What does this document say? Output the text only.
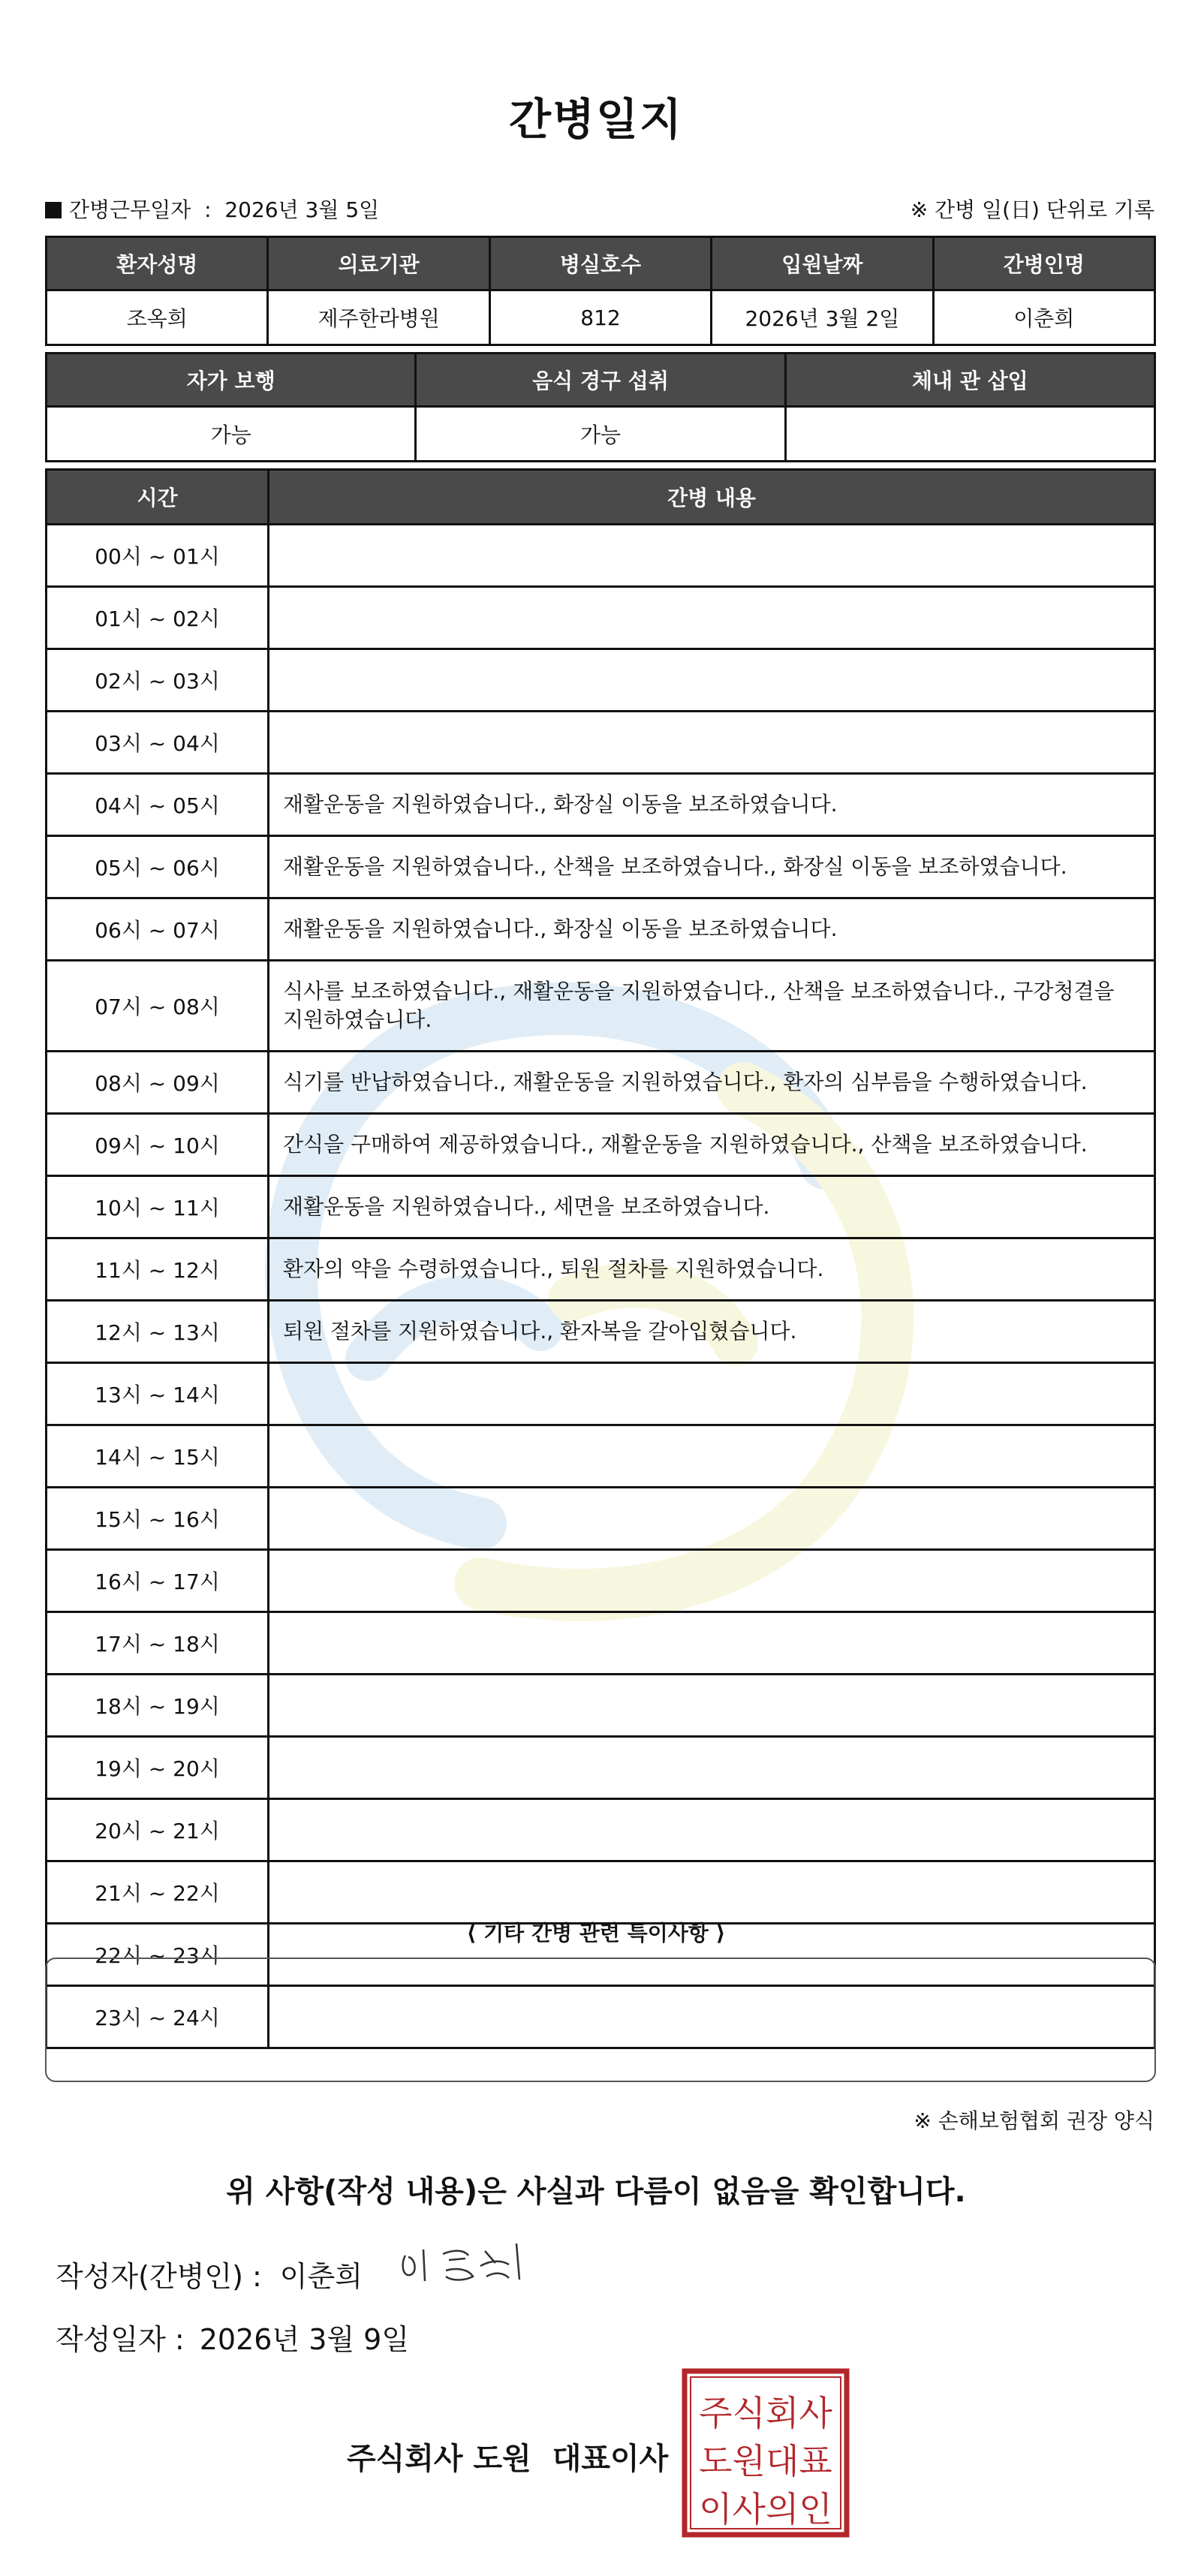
간병일지
간병근무일자  :  2026년 3월 5일	※ 간병 일(日) 단위로 기록
환자성명	의료기관	병실호수	입원날짜	간병인명
조옥희	제주한라병원	812	2026년 3월 2일	이춘희
자가 보행	음식 경구 섭취	체내 관 삽입
가능	가능	
시간	간병 내용
00시 ~ 01시	
01시 ~ 02시	
02시 ~ 03시	
03시 ~ 04시	
04시 ~ 05시	재활운동을 지원하였습니다., 화장실 이동을 보조하였습니다.
05시 ~ 06시	재활운동을 지원하였습니다., 산책을 보조하였습니다., 화장실 이동을 보조하였습니다.
06시 ~ 07시	재활운동을 지원하였습니다., 화장실 이동을 보조하였습니다.
07시 ~ 08시	식사를 보조하였습니다., 재활운동을 지원하였습니다., 산책을 보조하였습니다., 구강청결을 지원하였습니다.
08시 ~ 09시	식기를 반납하였습니다., 재활운동을 지원하였습니다., 환자의 심부름을 수행하였습니다.
09시 ~ 10시	간식을 구매하여 제공하였습니다., 재활운동을 지원하였습니다., 산책을 보조하였습니다.
10시 ~ 11시	재활운동을 지원하였습니다., 세면을 보조하였습니다.
11시 ~ 12시	환자의 약을 수령하였습니다., 퇴원 절차를 지원하였습니다.
12시 ~ 13시	퇴원 절차를 지원하였습니다., 환자복을 갈아입혔습니다.
13시 ~ 14시	
14시 ~ 15시	
15시 ~ 16시	
16시 ~ 17시	
17시 ~ 18시	
18시 ~ 19시	
19시 ~ 20시	
20시 ~ 21시	
21시 ~ 22시	
22시 ~ 23시	
23시 ~ 24시	
⟨ 기타 간병 관련 특이사항 ⟩
※ 손해보험협회 권장 양식
위 사항(작성 내용)은 사실과 다름이 없음을 확인합니다.
작성자(간병인) : 이춘희
작성일자 : 2026년 3월 9일
주식회사 도원 대표이사
주식회사
도원대표
이사의인
